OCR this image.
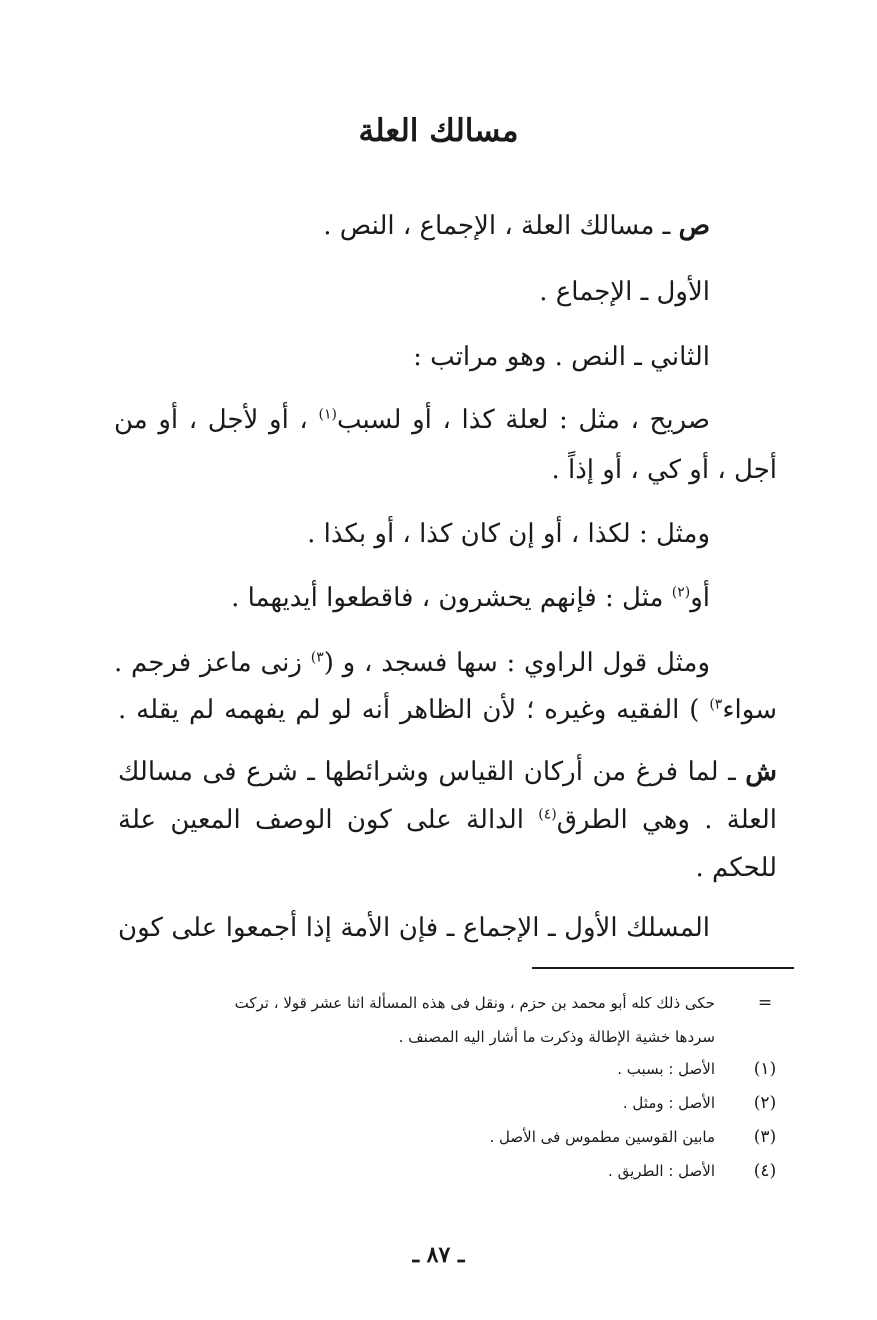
مسالك العلة
ص ـ مسالك العلة ، الإجماع ، النص .
الأول ـ الإجماع .
الثاني ـ النص . وهو مراتب :
صريح ، مثل : لعلة كذا ، أو لسبب$^{(١)}$ ، أو لأجل ، أو من
أجل ، أو كي ، أو إذاً .
ومثل : لكذا ، أو إن كان كذا ، أو بكذا .
أو$^{(٢)}$ مثل : فإنهم يحشرون ، فاقطعوا أيديهما .
ومثل قول الراوي : سها فسجد ، و ($^{٣)}$ زنى ماعز فرجم .
سواء$^{٣)}$ ) الفقيه وغيره ؛ لأن الظاهر أنه لو لم يفهمه لم يقله .
ش ـ لما فرغ من أركان القياس وشرائطها ـ شرع فى مسالك
العلة . وهي الطرق$^{(٤)}$ الدالة على كون الوصف المعين علة
للحكم .
المسلك الأول ـ الإجماع ـ فإن الأمة إذا أجمعوا على كون
=
حكى ذلك كله أبو محمد بن حزم ، ونقل فى هذه المسألة اثنا عشر قولا ، تركت
سردها خشية الإطالة وذكرت ما أشار اليه المصنف .
(١)
الأصل : بسبب .
(٢)
الأصل : ومثل .
(٣)
مابين القوسين مطموس فى الأصل .
(٤)
الأصل : الطريق .
ـ ٨٧ ـ
